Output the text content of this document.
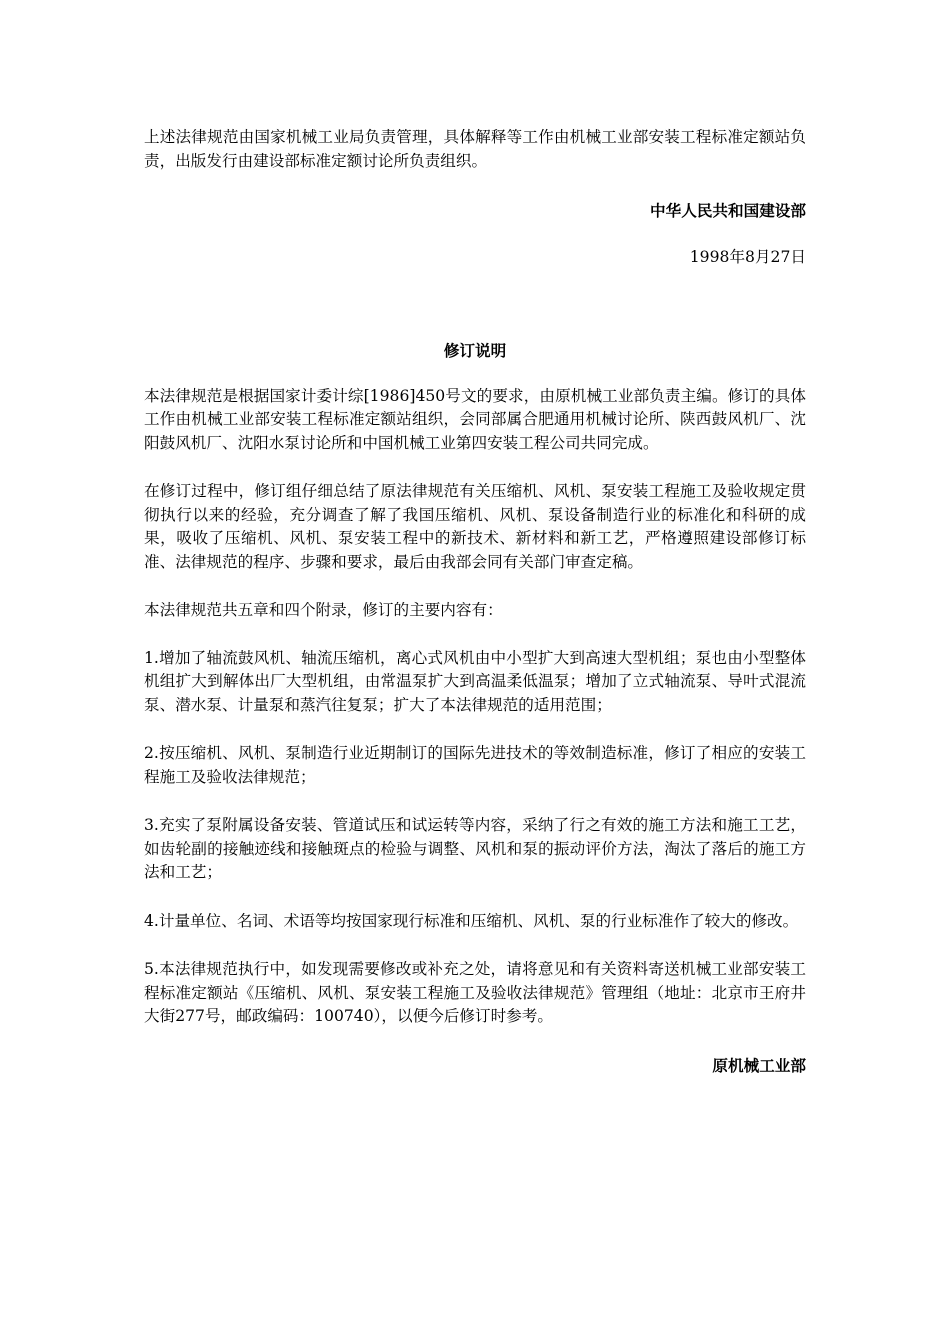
上述法律规范由国家机械工业局负责管理，具体解释等工作由机械工业部安装工程标准定额站负责，出版发行由建设部标准定额讨论所负责组织。

中华人民共和国建设部

1998年8月27日

修订说明

本法律规范是根据国家计委计综[1986]450号文的要求，由原机械工业部负责主编。修订的具体工作由机械工业部安装工程标准定额站组织，会同部属合肥通用机械讨论所、陕西鼓风机厂、沈阳鼓风机厂、沈阳水泵讨论所和中国机械工业第四安装工程公司共同完成。

在修订过程中，修订组仔细总结了原法律规范有关压缩机、风机、泵安装工程施工及验收规定贯彻执行以来的经验，充分调查了解了我国压缩机、风机、泵设备制造行业的标准化和科研的成果，吸收了压缩机、风机、泵安装工程中的新技术、新材料和新工艺，严格遵照建设部修订标准、法律规范的程序、步骤和要求，最后由我部会同有关部门审查定稿。

本法律规范共五章和四个附录，修订的主要内容有：

1.增加了轴流鼓风机、轴流压缩机，离心式风机由中小型扩大到高速大型机组；泵也由小型整体机组扩大到解体出厂大型机组，由常温泵扩大到高温柔低温泵；增加了立式轴流泵、导叶式混流泵、潜水泵、计量泵和蒸汽往复泵；扩大了本法律规范的适用范围；

2.按压缩机、风机、泵制造行业近期制订的国际先进技术的等效制造标准，修订了相应的安装工程施工及验收法律规范；

3.充实了泵附属设备安装、管道试压和试运转等内容，采纳了行之有效的施工方法和施工工艺，如齿轮副的接触迹线和接触斑点的检验与调整、风机和泵的振动评价方法，淘汰了落后的施工方法和工艺；

4.计量单位、名词、术语等均按国家现行标准和压缩机、风机、泵的行业标准作了较大的修改。

5.本法律规范执行中，如发现需要修改或补充之处，请将意见和有关资料寄送机械工业部安装工程标准定额站《压缩机、风机、泵安装工程施工及验收法律规范》管理组（地址：北京市王府井大街277号，邮政编码：100740），以便今后修订时参考。

原机械工业部
